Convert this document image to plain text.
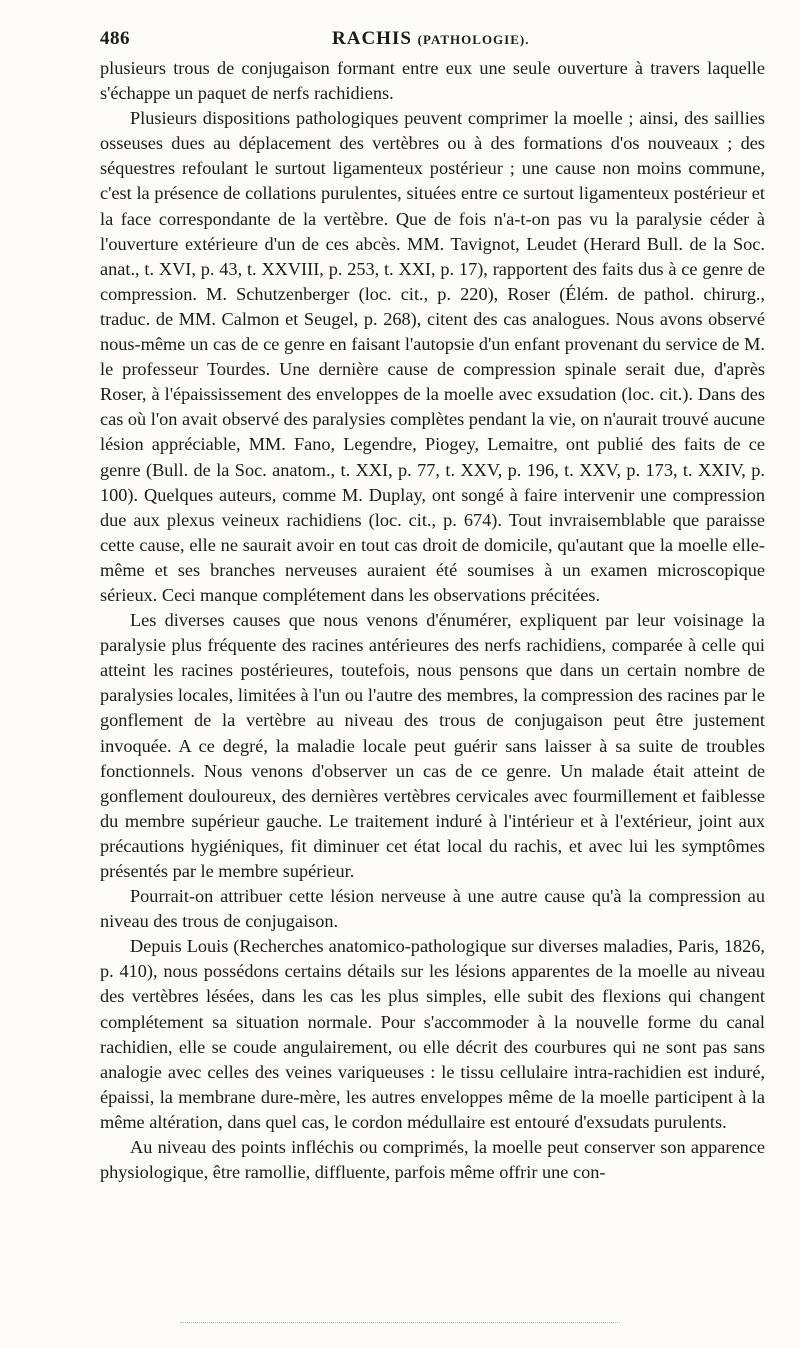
486	RACHIS (PATHOLOGIE).

plusieurs trous de conjugaison formant entre eux une seule ouverture à travers laquelle s'échappe un paquet de nerfs rachidiens.

Plusieurs dispositions pathologiques peuvent comprimer la moelle ; ainsi, des saillies osseuses dues au déplacement des vertèbres ou à des formations d'os nouveaux ; des séquestres refoulant le surtout ligamenteux postérieur ; une cause non moins commune, c'est la présence de collations purulentes, situées entre ce surtout ligamenteux postérieur et la face correspondante de la vertèbre. Que de fois n'a-t-on pas vu la paralysie céder à l'ouverture extérieure d'un de ces abcès. MM. Tavignot, Leudet (Herard Bull. de la Soc. anat., t. XVI, p. 43, t. XXVIII, p. 253, t. XXI, p. 17), rapportent des faits dus à ce genre de compression. M. Schutzenberger (loc. cit., p. 220), Roser (Élém. de pathol. chirurg., traduc. de MM. Calmon et Seugel, p. 268), citent des cas analogues. Nous avons observé nous-même un cas de ce genre en faisant l'autopsie d'un enfant provenant du service de M. le professeur Tourdes. Une dernière cause de compression spinale serait due, d'après Roser, à l'épaississement des enveloppes de la moelle avec exsudation (loc. cit.). Dans des cas où l'on avait observé des paralysies complètes pendant la vie, on n'aurait trouvé aucune lésion appréciable, MM. Fano, Legendre, Piogey, Lemaitre, ont publié des faits de ce genre (Bull. de la Soc. anatom., t. XXI, p. 77, t. XXV, p. 196, t. XXV, p. 173, t. XXIV, p. 100). Quelques auteurs, comme M. Duplay, ont songé à faire intervenir une compression due aux plexus veineux rachidiens (loc. cit., p. 674). Tout invraisemblable que paraisse cette cause, elle ne saurait avoir en tout cas droit de domicile, qu'autant que la moelle elle-même et ses branches nerveuses auraient été soumises à un examen microscopique sérieux. Ceci manque complétement dans les observations précitées.

Les diverses causes que nous venons d'énumérer, expliquent par leur voisinage la paralysie plus fréquente des racines antérieures des nerfs rachidiens, comparée à celle qui atteint les racines postérieures, toutefois, nous pensons que dans un certain nombre de paralysies locales, limitées à l'un ou l'autre des membres, la compression des racines par le gonflement de la vertèbre au niveau des trous de conjugaison peut être justement invoquée. A ce degré, la maladie locale peut guérir sans laisser à sa suite de troubles fonctionnels. Nous venons d'observer un cas de ce genre. Un malade était atteint de gonflement douloureux, des dernières vertèbres cervicales avec fourmillement et faiblesse du membre supérieur gauche. Le traitement induré à l'intérieur et à l'extérieur, joint aux précautions hygiéniques, fit diminuer cet état local du rachis, et avec lui les symptômes présentés par le membre supérieur.

Pourrait-on attribuer cette lésion nerveuse à une autre cause qu'à la compression au niveau des trous de conjugaison.

Depuis Louis (Recherches anatomico-pathologique sur diverses maladies, Paris, 1826, p. 410), nous possédons certains détails sur les lésions apparentes de la moelle au niveau des vertèbres lésées, dans les cas les plus simples, elle subit des flexions qui changent complétement sa situation normale. Pour s'accommoder à la nouvelle forme du canal rachidien, elle se coude angulairement, ou elle décrit des courbures qui ne sont pas sans analogie avec celles des veines variqueuses : le tissu cellulaire intra-rachidien est induré, épaissi, la membrane dure-mère, les autres enveloppes même de la moelle participent à la même altération, dans quel cas, le cordon médullaire est entouré d'exsudats purulents.

Au niveau des points infléchis ou comprimés, la moelle peut conserver son apparence physiologique, être ramollie, diffluente, parfois même offrir une con-
